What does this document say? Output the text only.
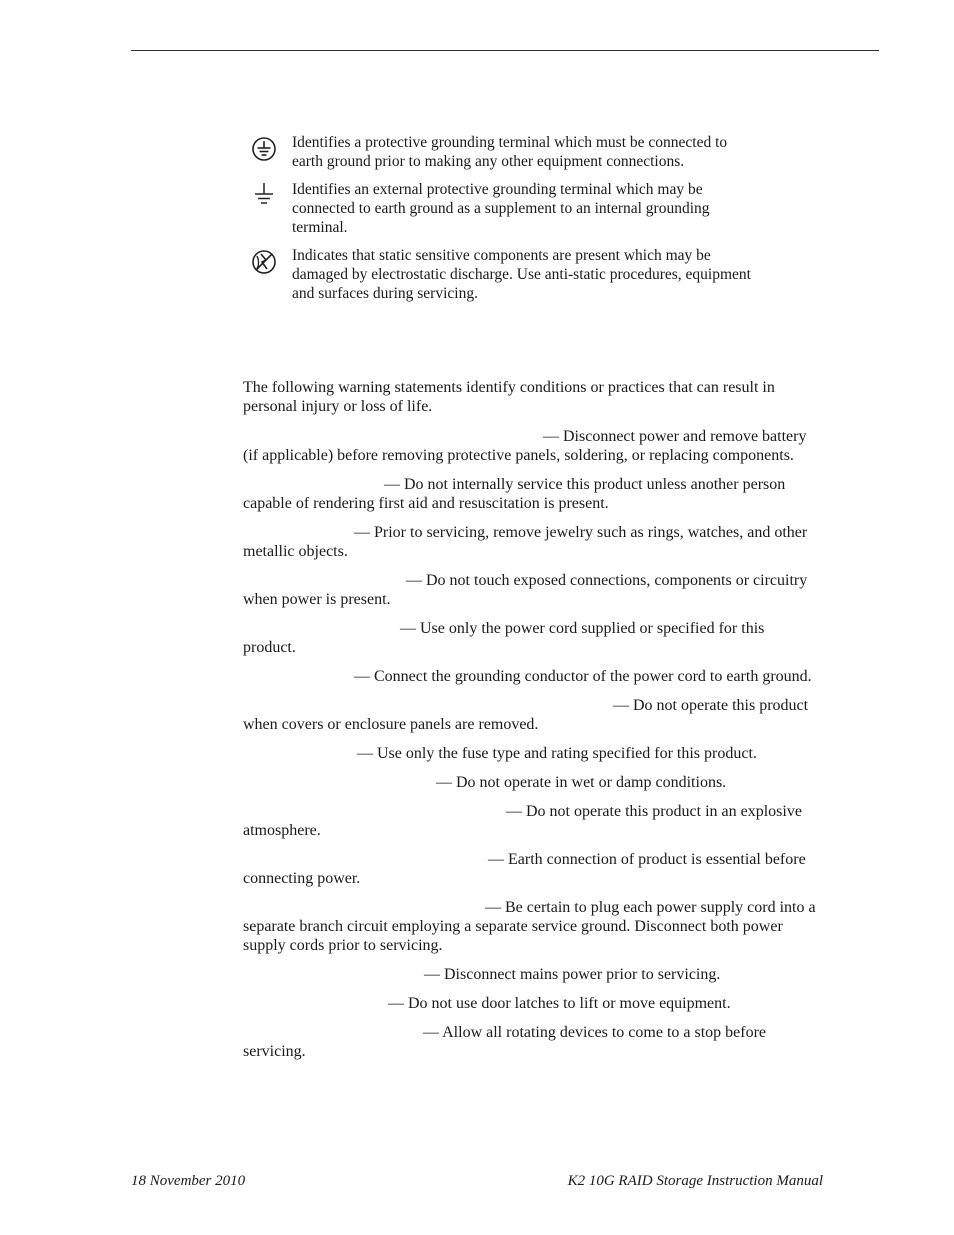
Identifies a protective grounding terminal which must be connected to earth ground prior to making any other equipment connections.
Identifies an external protective grounding terminal which may be connected to earth ground as a supplement to an internal grounding terminal.
Indicates that static sensitive components are present which may be damaged by electrostatic discharge. Use anti-static procedures, equipment and surfaces during servicing.

The following warning statements identify conditions or practices that can result in personal injury or loss of life.

— Disconnect power and remove battery (if applicable) before removing protective panels, soldering, or replacing components.

— Do not internally service this product unless another person capable of rendering first aid and resuscitation is present.

— Prior to servicing, remove jewelry such as rings, watches, and other metallic objects.

— Do not touch exposed connections, components or circuitry when power is present.

— Use only the power cord supplied or specified for this product.

— Connect the grounding conductor of the power cord to earth ground.

— Do not operate this product when covers or enclosure panels are removed.

— Use only the fuse type and rating specified for this product.

— Do not operate in wet or damp conditions.

— Do not operate this product in an explosive atmosphere.

— Earth connection of product is essential before connecting power.

— Be certain to plug each power supply cord into a separate branch circuit employing a separate service ground. Disconnect both power supply cords prior to servicing.

— Disconnect mains power prior to servicing.

— Do not use door latches to lift or move equipment.

— Allow all rotating devices to come to a stop before servicing.

18 November 2010	K2 10G RAID Storage Instruction Manual
